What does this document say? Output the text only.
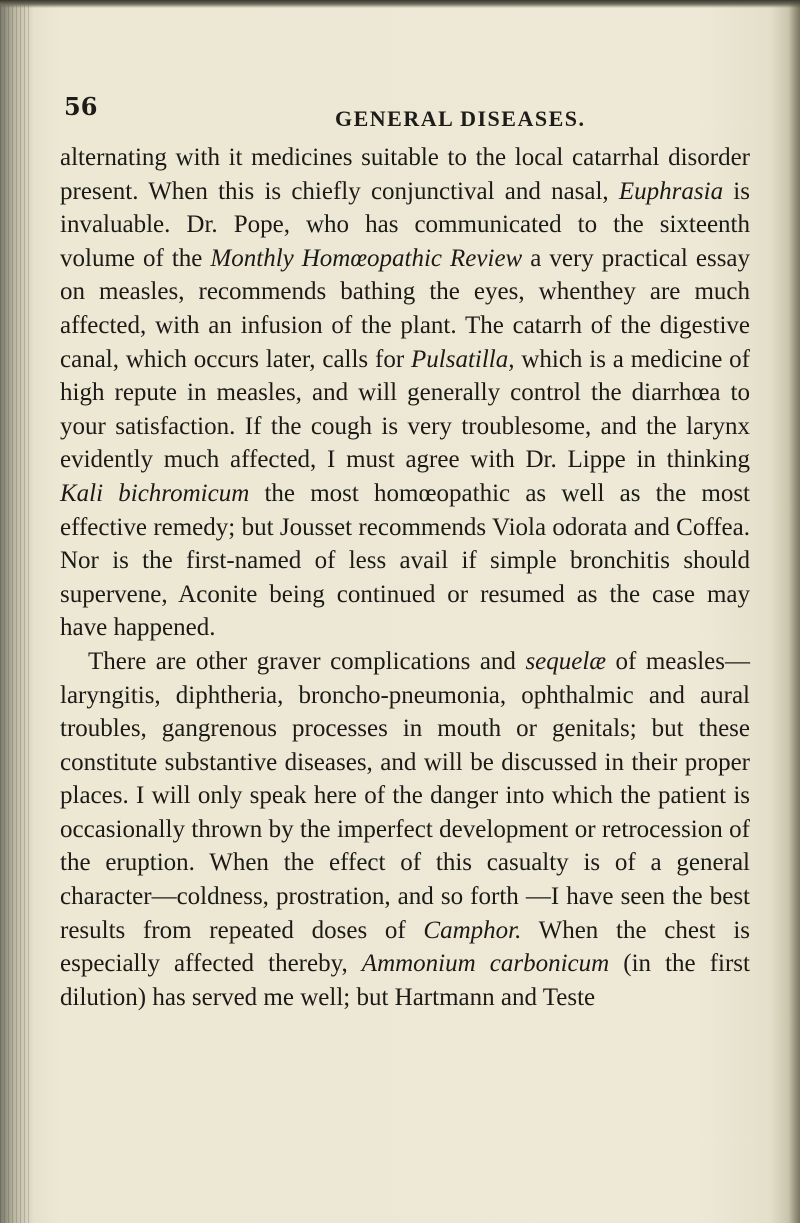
56	GENERAL DISEASES.

alternating with it medicines suitable to the local catarrhal disorder present. When this is chiefly conjunctival and nasal, Euphrasia is invaluable. Dr. Pope, who has communicated to the sixteenth volume of the Monthly Homœopathic Review a very practical essay on measles, recommends bathing the eyes, whenthey are much affected, with an infusion of the plant. The catarrh of the digestive canal, which occurs later, calls for Pulsatilla, which is a medicine of high repute in measles, and will generally control the diarrhœa to your satisfaction. If the cough is very troublesome, and the larynx evidently much affected, I must agree with Dr. Lippe in thinking Kali bichromicum the most homœopathic as well as the most effective remedy; but Jousset recommends Viola odorata and Coffea. Nor is the first-named of less avail if simple bronchitis should supervene, Aconite being continued or resumed as the case may have happened.

There are other graver complications and sequelæ of measles—laryngitis, diphtheria, broncho-pneumonia, ophthalmic and aural troubles, gangrenous processes in mouth or genitals; but these constitute substantive diseases, and will be discussed in their proper places. I will only speak here of the danger into which the patient is occasionally thrown by the imperfect development or retrocession of the eruption. When the effect of this casualty is of a general character—coldness, prostration, and so forth —I have seen the best results from repeated doses of Camphor. When the chest is especially affected thereby, Ammonium carbonicum (in the first dilution) has served me well; but Hartmann and Teste
